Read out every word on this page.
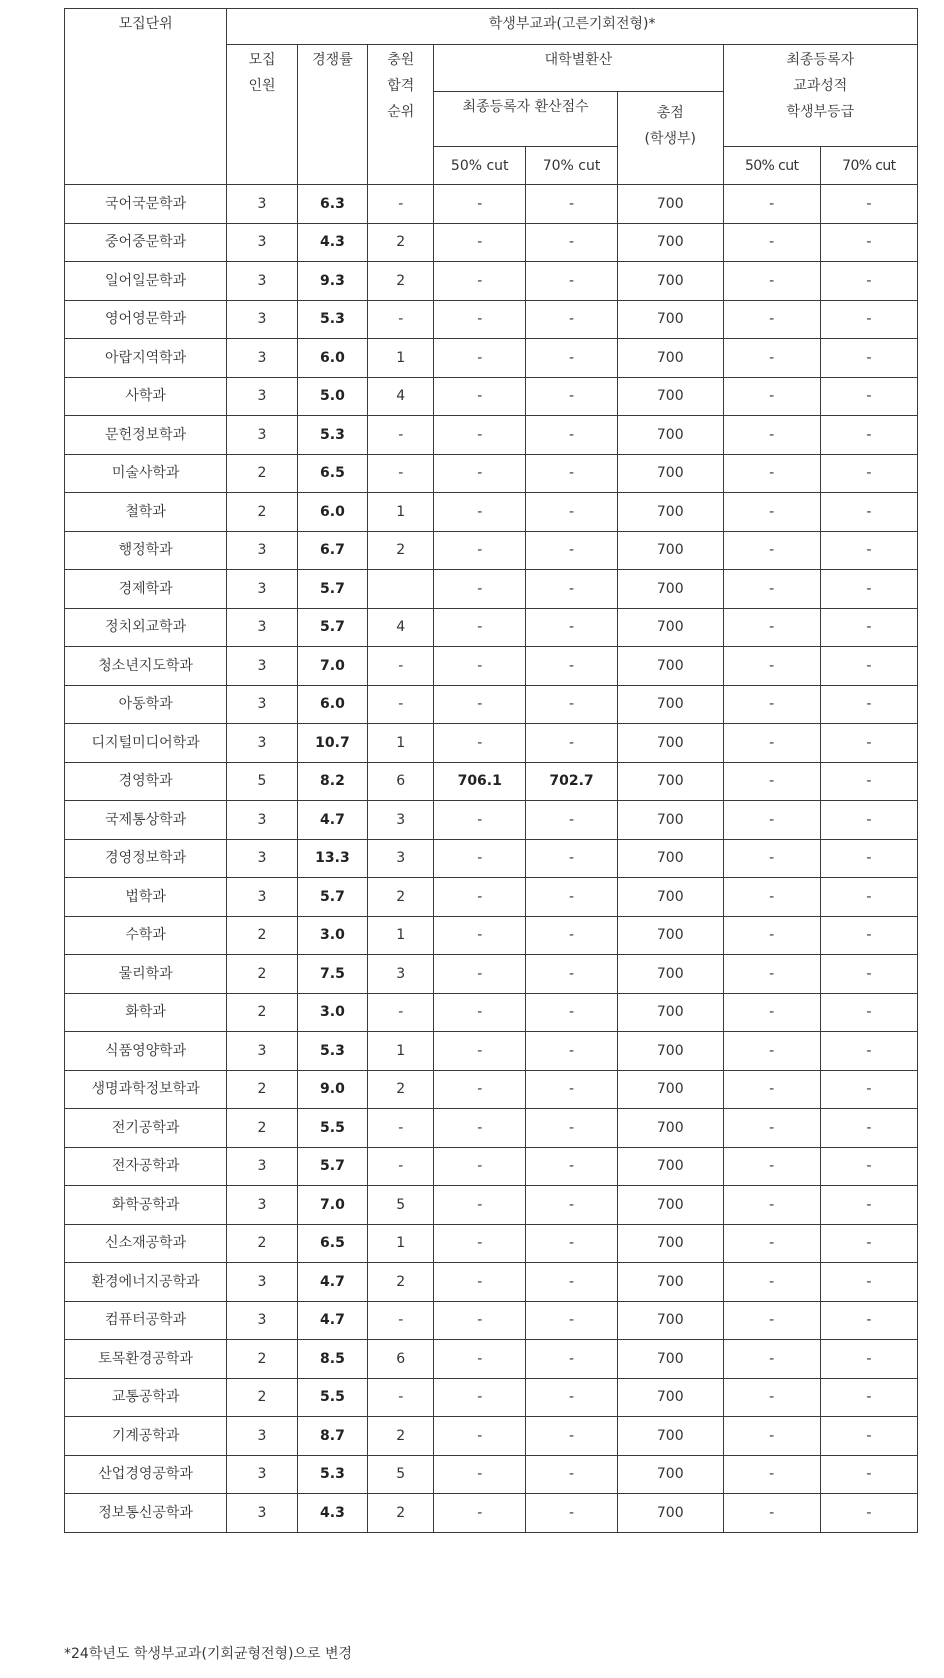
모집단위	학생부교과(고른기회전형)*							
	모집
인원	경쟁률	충원
합격
순위	대학별환산			최종등록자
교과성적
학생부등급	
				최종등록자 환산점수		총점
(학생부)		
				50% cut	70% cut		50% cut	70% cut
국어국문학과	3	6.3	-	-	-	700	-	-
중어중문학과	3	4.3	2	-	-	700	-	-
일어일문학과	3	9.3	2	-	-	700	-	-
영어영문학과	3	5.3	-	-	-	700	-	-
아랍지역학과	3	6.0	1	-	-	700	-	-
사학과	3	5.0	4	-	-	700	-	-
문헌정보학과	3	5.3	-	-	-	700	-	-
미술사학과	2	6.5	-	-	-	700	-	-
철학과	2	6.0	1	-	-	700	-	-
행정학과	3	6.7	2	-	-	700	-	-
경제학과	3	5.7		-	-	700	-	-
정치외교학과	3	5.7	4	-	-	700	-	-
청소년지도학과	3	7.0	-	-	-	700	-	-
아동학과	3	6.0	-	-	-	700	-	-
디지털미디어학과	3	10.7	1	-	-	700	-	-
경영학과	5	8.2	6	706.1	702.7	700	-	-
국제통상학과	3	4.7	3	-	-	700	-	-
경영정보학과	3	13.3	3	-	-	700	-	-
법학과	3	5.7	2	-	-	700	-	-
수학과	2	3.0	1	-	-	700	-	-
물리학과	2	7.5	3	-	-	700	-	-
화학과	2	3.0	-	-	-	700	-	-
식품영양학과	3	5.3	1	-	-	700	-	-
생명과학정보학과	2	9.0	2	-	-	700	-	-
전기공학과	2	5.5	-	-	-	700	-	-
전자공학과	3	5.7	-	-	-	700	-	-
화학공학과	3	7.0	5	-	-	700	-	-
신소재공학과	2	6.5	1	-	-	700	-	-
환경에너지공학과	3	4.7	2	-	-	700	-	-
컴퓨터공학과	3	4.7	-	-	-	700	-	-
토목환경공학과	2	8.5	6	-	-	700	-	-
교통공학과	2	5.5	-	-	-	700	-	-
기계공학과	3	8.7	2	-	-	700	-	-
산업경영공학과	3	5.3	5	-	-	700	-	-
정보통신공학과	3	4.3	2	-	-	700	-	-
*24학년도 학생부교과(기회균형전형)으로 변경
